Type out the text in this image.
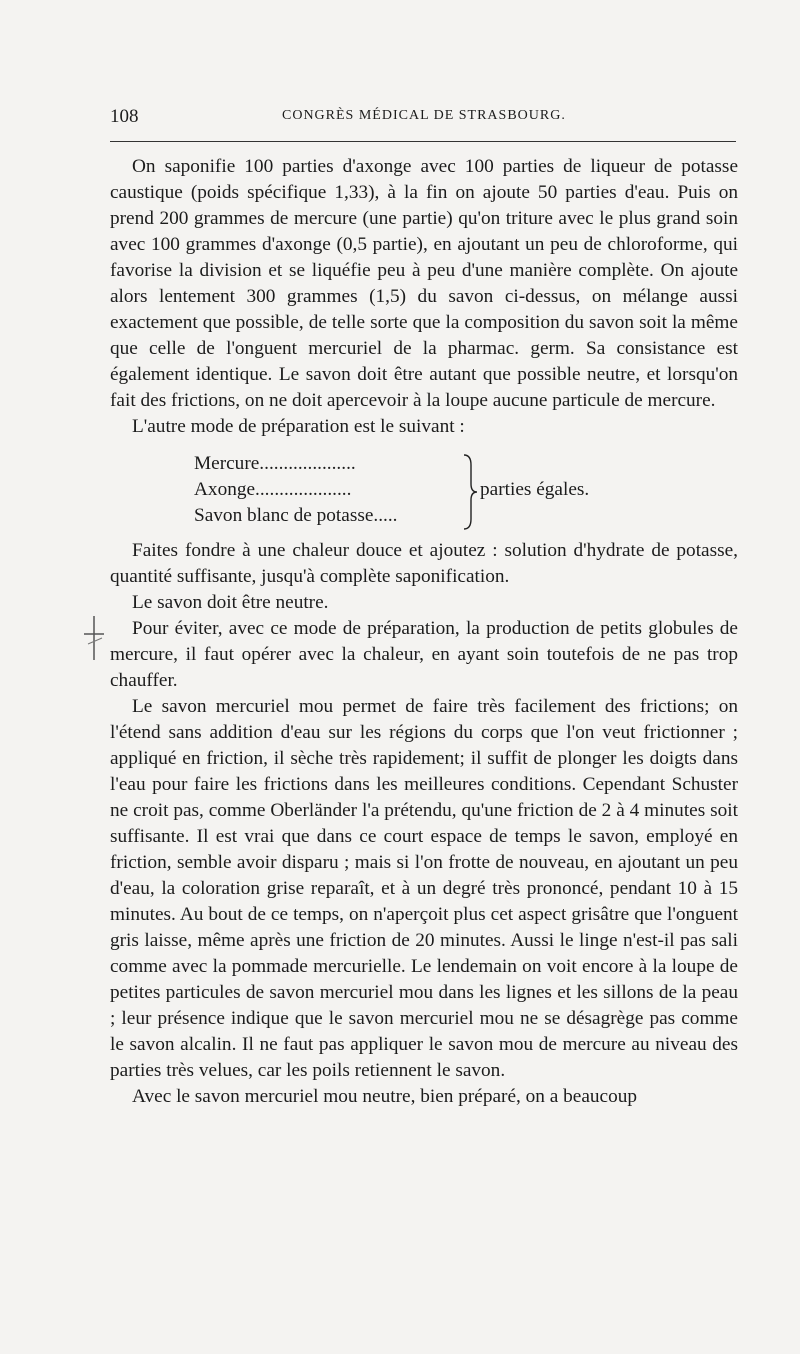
108	CONGRÈS MÉDICAL DE STRASBOURG.

On saponifie 100 parties d'axonge avec 100 parties de liqueur de potasse caustique (poids spécifique 1,33), à la fin on ajoute 50 parties d'eau. Puis on prend 200 grammes de mercure (une partie) qu'on triture avec le plus grand soin avec 100 grammes d'axonge (0,5 partie), en ajoutant un peu de chloroforme, qui favorise la division et se liquéfie peu à peu d'une manière complète. On ajoute alors lentement 300 grammes (1,5) du savon ci-dessus, on mélange aussi exactement que possible, de telle sorte que la composition du savon soit la même que celle de l'onguent mercuriel de la pharmac. germ. Sa consistance est également identique. Le savon doit être autant que possible neutre, et lorsqu'on fait des frictions, on ne doit apercevoir à la loupe aucune particule de mercure.

L'autre mode de préparation est le suivant :

Mercure....................
Axonge....................
Savon blanc de potasse.....
parties égales.

Faites fondre à une chaleur douce et ajoutez : solution d'hydrate de potasse, quantité suffisante, jusqu'à complète saponification.

Le savon doit être neutre.

Pour éviter, avec ce mode de préparation, la production de petits globules de mercure, il faut opérer avec la chaleur, en ayant soin toutefois de ne pas trop chauffer.

Le savon mercuriel mou permet de faire très facilement des frictions; on l'étend sans addition d'eau sur les régions du corps que l'on veut frictionner ; appliqué en friction, il sèche très rapidement; il suffit de plonger les doigts dans l'eau pour faire les frictions dans les meilleures conditions. Cependant Schuster ne croit pas, comme Oberländer l'a prétendu, qu'une friction de 2 à 4 minutes soit suffisante. Il est vrai que dans ce court espace de temps le savon, employé en friction, semble avoir disparu ; mais si l'on frotte de nouveau, en ajoutant un peu d'eau, la coloration grise reparaît, et à un degré très prononcé, pendant 10 à 15 minutes. Au bout de ce temps, on n'aperçoit plus cet aspect grisâtre que l'onguent gris laisse, même après une friction de 20 minutes. Aussi le linge n'est-il pas sali comme avec la pommade mercurielle. Le lendemain on voit encore à la loupe de petites particules de savon mercuriel mou dans les lignes et les sillons de la peau ; leur présence indique que le savon mercuriel mou ne se désagrège pas comme le savon alcalin. Il ne faut pas appliquer le savon mou de mercure au niveau des parties très velues, car les poils retiennent le savon.

Avec le savon mercuriel mou neutre, bien préparé, on a beaucoup
